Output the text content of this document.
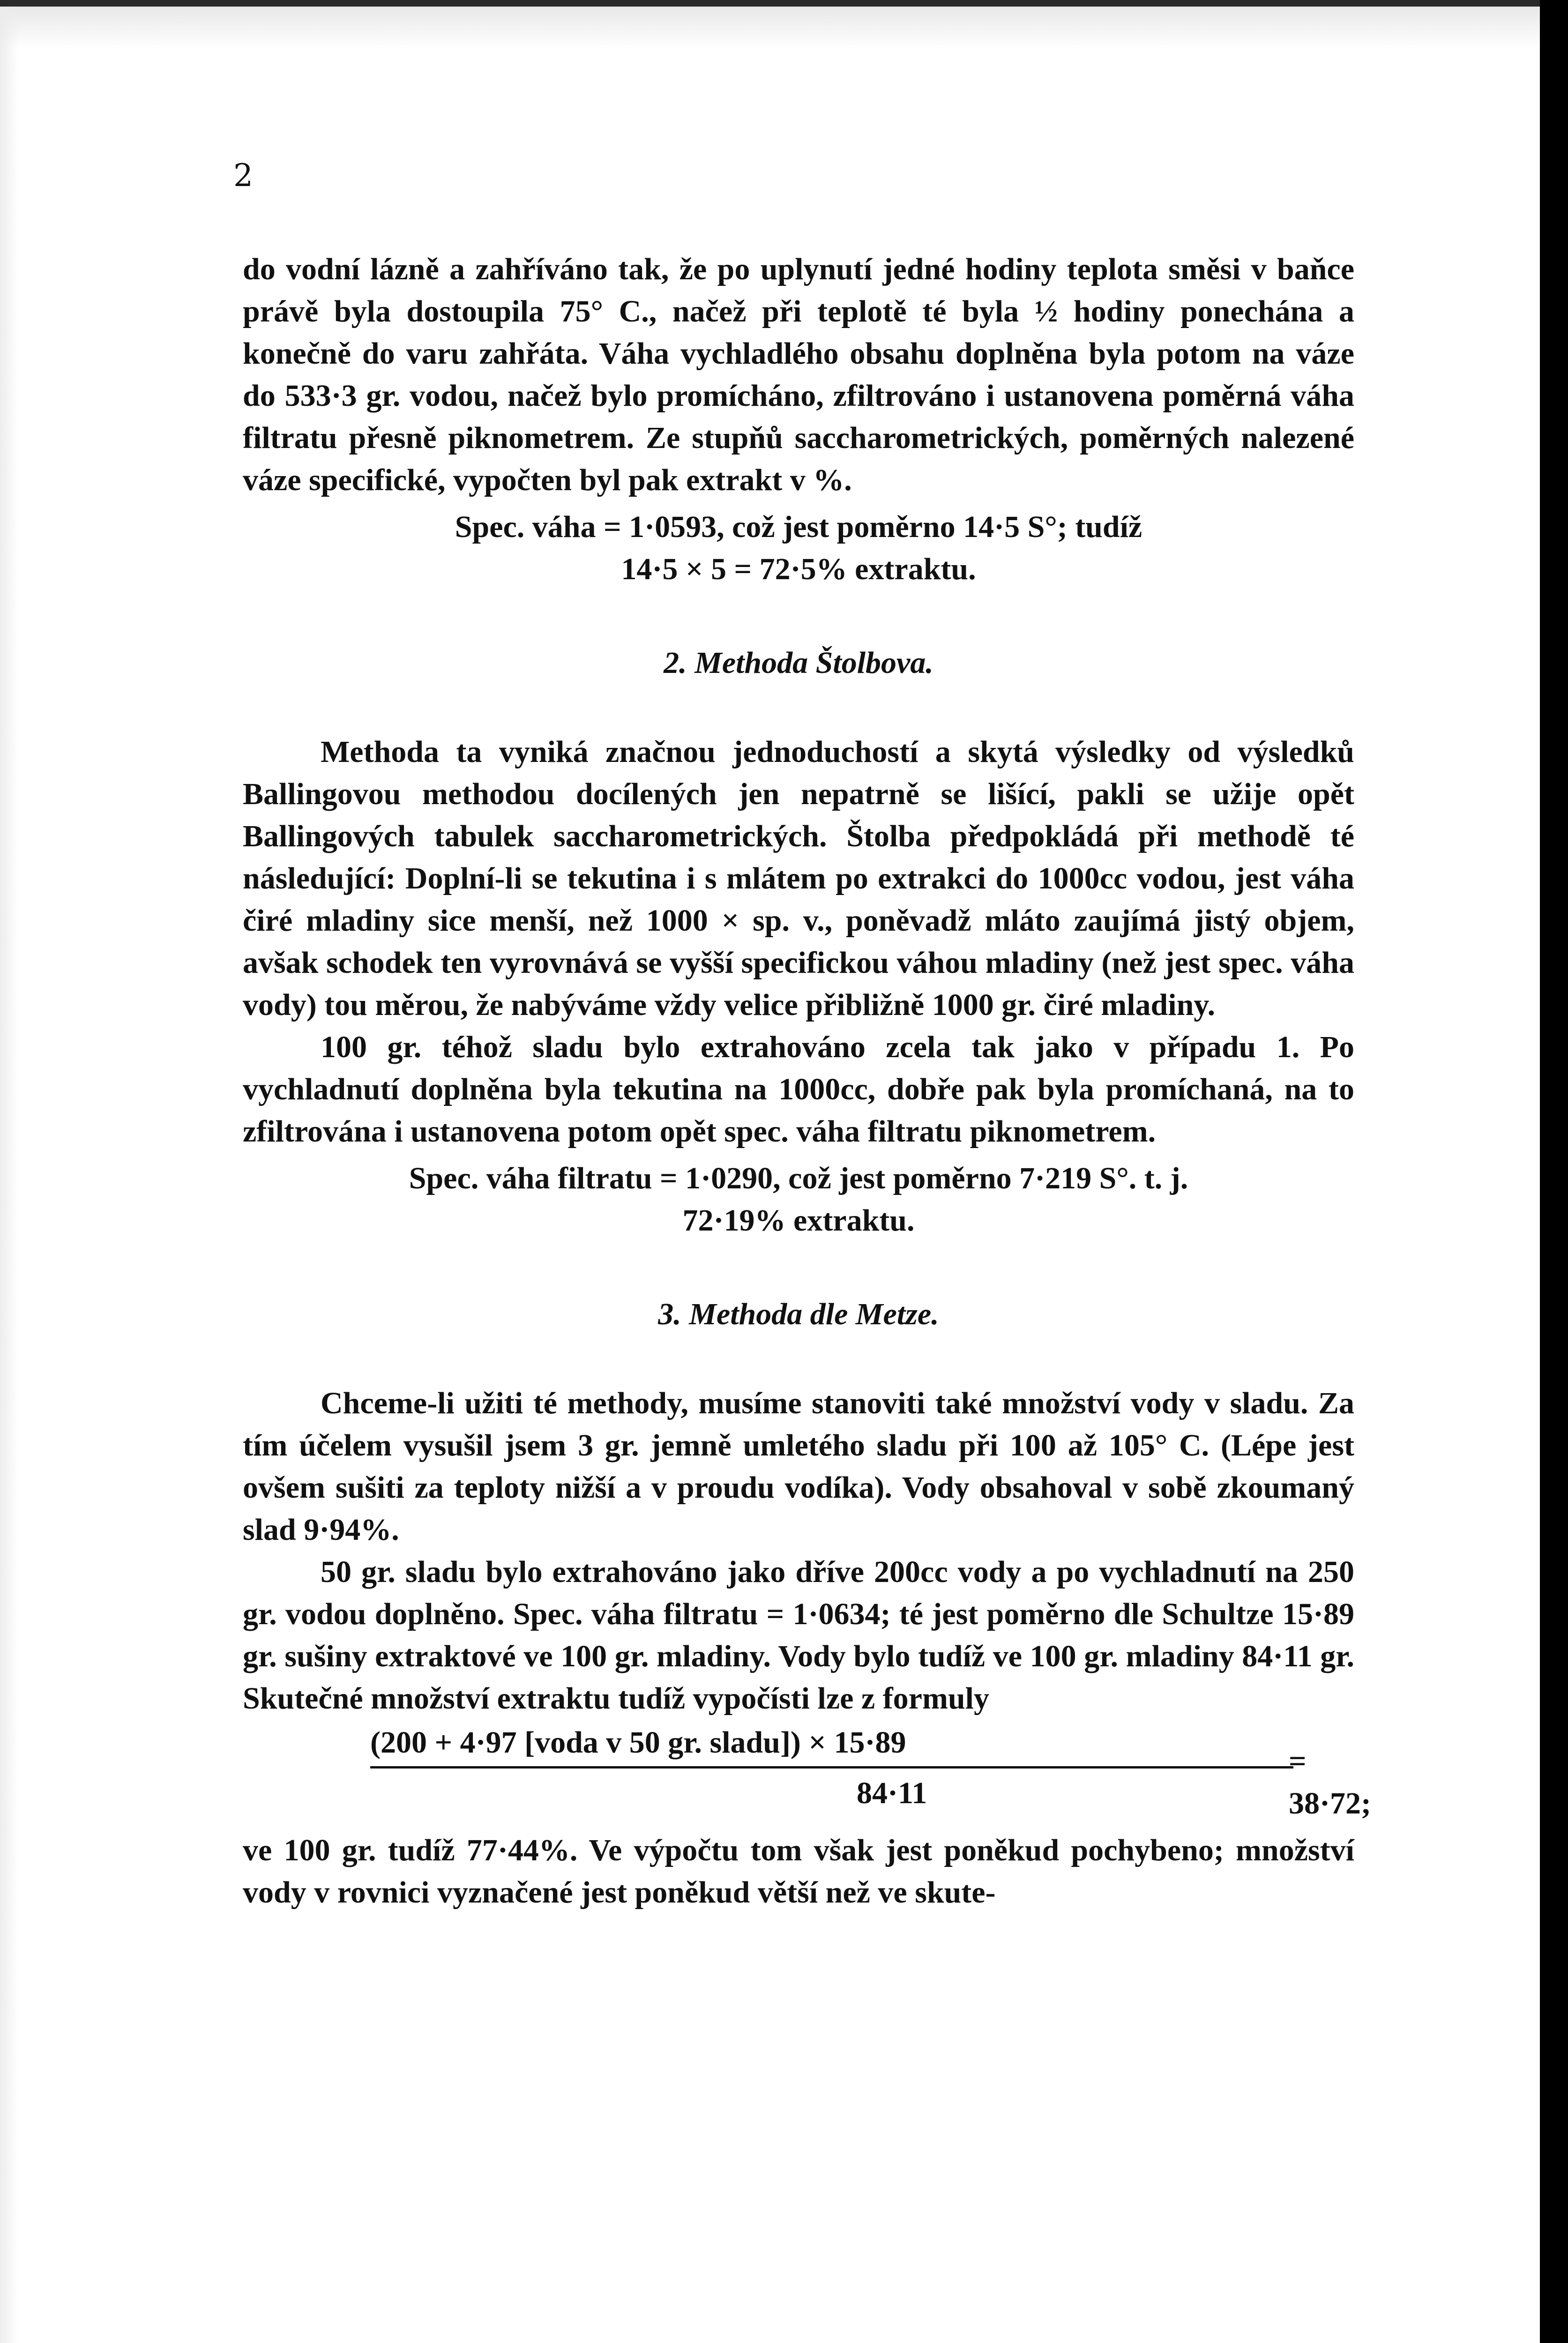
2

do vodní lázně a zahříváno tak, že po uplynutí jedné hodiny teplota směsi v baňce právě byla dostoupila 75° C., načež při teplotě té byla ½ hodiny ponechána a konečně do varu zahřáta. Váha vychladlého obsahu doplněna byla potom na váze do 533·3 gr. vodou, načež bylo promícháno, zfiltrováno i ustanovena poměrná váha filtratu přesně piknometrem. Ze stupňů saccharometrických, poměrných nalezené váze specifické, vypočten byl pak extrakt v %.

Spec. váha = 1·0593, což jest poměrno 14·5 S°; tudíž

14·5 × 5 = 72·5% extraktu.

2. Methoda Štolbova.

Methoda ta vyniká značnou jednoduchostí a skytá výsledky od výsledků Ballingovou methodou docílených jen nepatrně se lišící, pakli se užije opět Ballingových tabulek saccharometrických. Štolba předpokládá při methodě té následující: Doplní-li se tekutina i s mlátem po extrakci do 1000cc vodou, jest váha čiré mladiny sice menší, než 1000 × sp. v., poněvadž mláto zaujímá jistý objem, avšak schodek ten vyrovnává se vyšší specifickou váhou mladiny (než jest spec. váha vody) tou měrou, že nabýváme vždy velice přibližně 1000 gr. čiré mladiny.

100 gr. téhož sladu bylo extrahováno zcela tak jako v případu 1. Po vychladnutí doplněna byla tekutina na 1000cc, dobře pak byla promíchaná, na to zfiltrována i ustanovena potom opět spec. váha filtratu piknometrem.

Spec. váha filtratu = 1·0290, což jest poměrno 7·219 S°. t. j.

72·19% extraktu.

3. Methoda dle Metze.

Chceme-li užiti té methody, musíme stanoviti také množství vody v sladu. Za tím účelem vysušil jsem 3 gr. jemně umletého sladu při 100 až 105° C. (Lépe jest ovšem sušiti za teploty nižší a v proudu vodíka). Vody obsahoval v sobě zkoumaný slad 9·94%.

50 gr. sladu bylo extrahováno jako dříve 200cc vody a po vychladnutí na 250 gr. vodou doplněno. Spec. váha filtratu = 1·0634; té jest poměrno dle Schultze 15·89 gr. sušiny extraktové ve 100 gr. mladiny. Vody bylo tudíž ve 100 gr. mladiny 84·11 gr. Skutečné množství extraktu tudíž vypočísti lze z formuly

(200 + 4·97 [voda v 50 gr. sladu]) × 15·89
84·11
= 38·72;

ve 100 gr. tudíž 77·44%. Ve výpočtu tom však jest poněkud pochybeno; množství vody v rovnici vyznačené jest poněkud větší než ve skute-
